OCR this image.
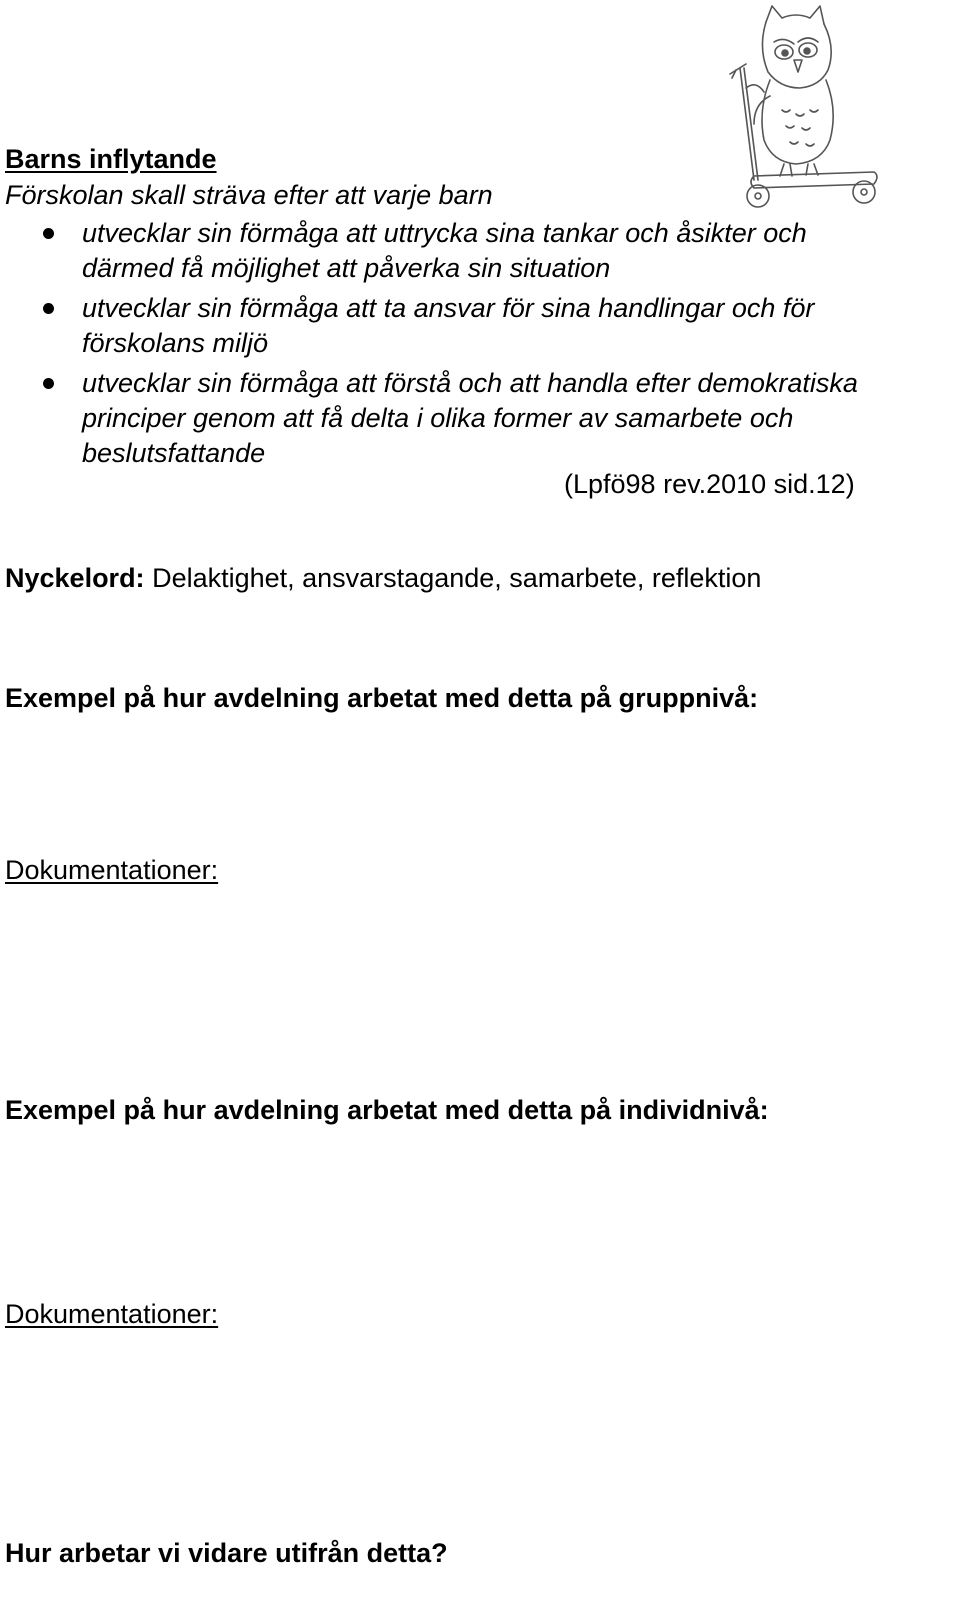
Barns inflytande
Förskolan skall sträva efter att varje barn
utvecklar sin förmåga att uttrycka sina tankar och åsikter och
därmed få möjlighet att påverka sin situation
utvecklar sin förmåga att ta ansvar för sina handlingar och för
förskolans miljö
utvecklar sin förmåga att förstå och att handla efter demokratiska
principer genom att få delta i olika former av samarbete och
beslutsfattande
(Lpfö98 rev.2010 sid.12)
Nyckelord: Delaktighet, ansvarstagande, samarbete, reflektion
Exempel på hur avdelning arbetat med detta på gruppnivå:
Dokumentationer:
Exempel på hur avdelning arbetat med detta på individnivå:
Dokumentationer:
Hur arbetar vi vidare utifrån detta?
